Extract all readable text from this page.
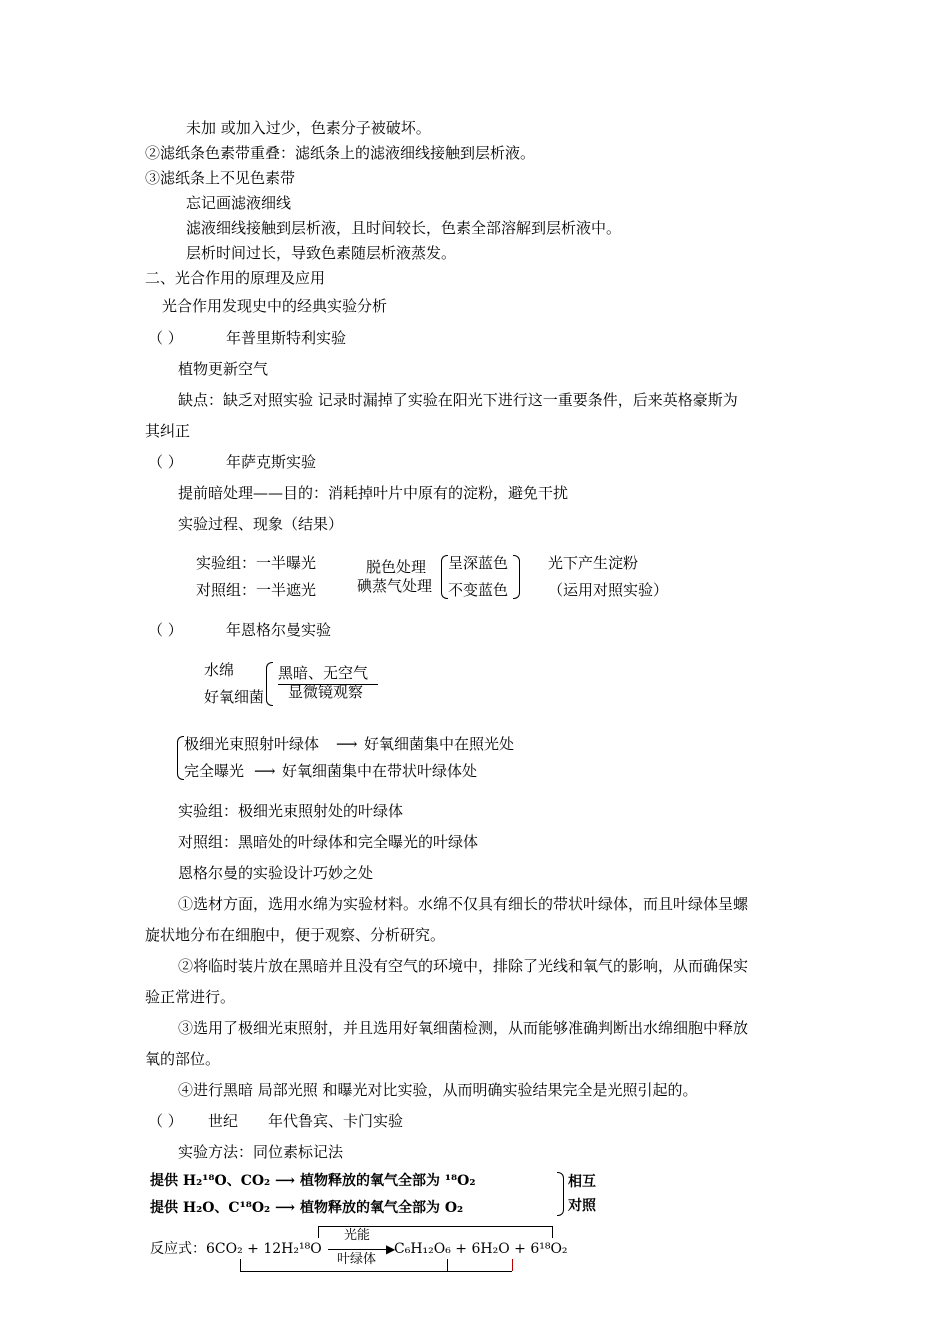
未加 或加入过少，色素分子被破坏。
②滤纸条色素带重叠：滤纸条上的滤液细线接触到层析液。
③滤纸条上不见色素带
忘记画滤液细线
滤液细线接触到层析液，且时间较长，色素全部溶解到层析液中。
层析时间过长，导致色素随层析液蒸发。
二、光合作用的原理及应用
光合作用发现史中的经典实验分析
（ ）	年普里斯特利实验
植物更新空气
缺点：缺乏对照实验 记录时漏掉了实验在阳光下进行这一重要条件，后来英格豪斯为
其纠正
（ ）	年萨克斯实验
提前暗处理——目的：消耗掉叶片中原有的淀粉，避免干扰
实验过程、现象（结果）
实验组：一半曝光
对照组：一半遮光
脱色处理
碘蒸气处理
呈深蓝色
不变蓝色
光下产生淀粉
（运用对照实验）
（ ）	年恩格尔曼实验
水绵
好氧细菌
黑暗、无空气
显微镜观察
极细光束照射叶绿体 ⟶ 好氧细菌集中在照光处
完全曝光 ⟶ 好氧细菌集中在带状叶绿体处
实验组：极细光束照射处的叶绿体
对照组：黑暗处的叶绿体和完全曝光的叶绿体
恩格尔曼的实验设计巧妙之处
①选材方面，选用水绵为实验材料。水绵不仅具有细长的带状叶绿体，而且叶绿体呈螺
旋状地分布在细胞中，便于观察、分析研究。
②将临时装片放在黑暗并且没有空气的环境中，排除了光线和氧气的影响，从而确保实
验正常进行。
③选用了极细光束照射，并且选用好氧细菌检测，从而能够准确判断出水绵细胞中释放
氧的部位。
④进行黑暗 局部光照 和曝光对比实验，从而明确实验结果完全是光照引起的。
（ ） 世纪 年代鲁宾、卡门实验
实验方法：同位素标记法
提供 H₂¹⁸O、CO₂ ⟶ 植物释放的氧气全部为 ¹⁸O₂
提供 H₂O、C¹⁸O₂ ⟶ 植物释放的氧气全部为 O₂
相互
对照
反应式：6CO₂ + 12H₂¹⁸O
光能
▶
叶绿体
C₆H₁₂O₆ + 6H₂O + 6¹⁸O₂
